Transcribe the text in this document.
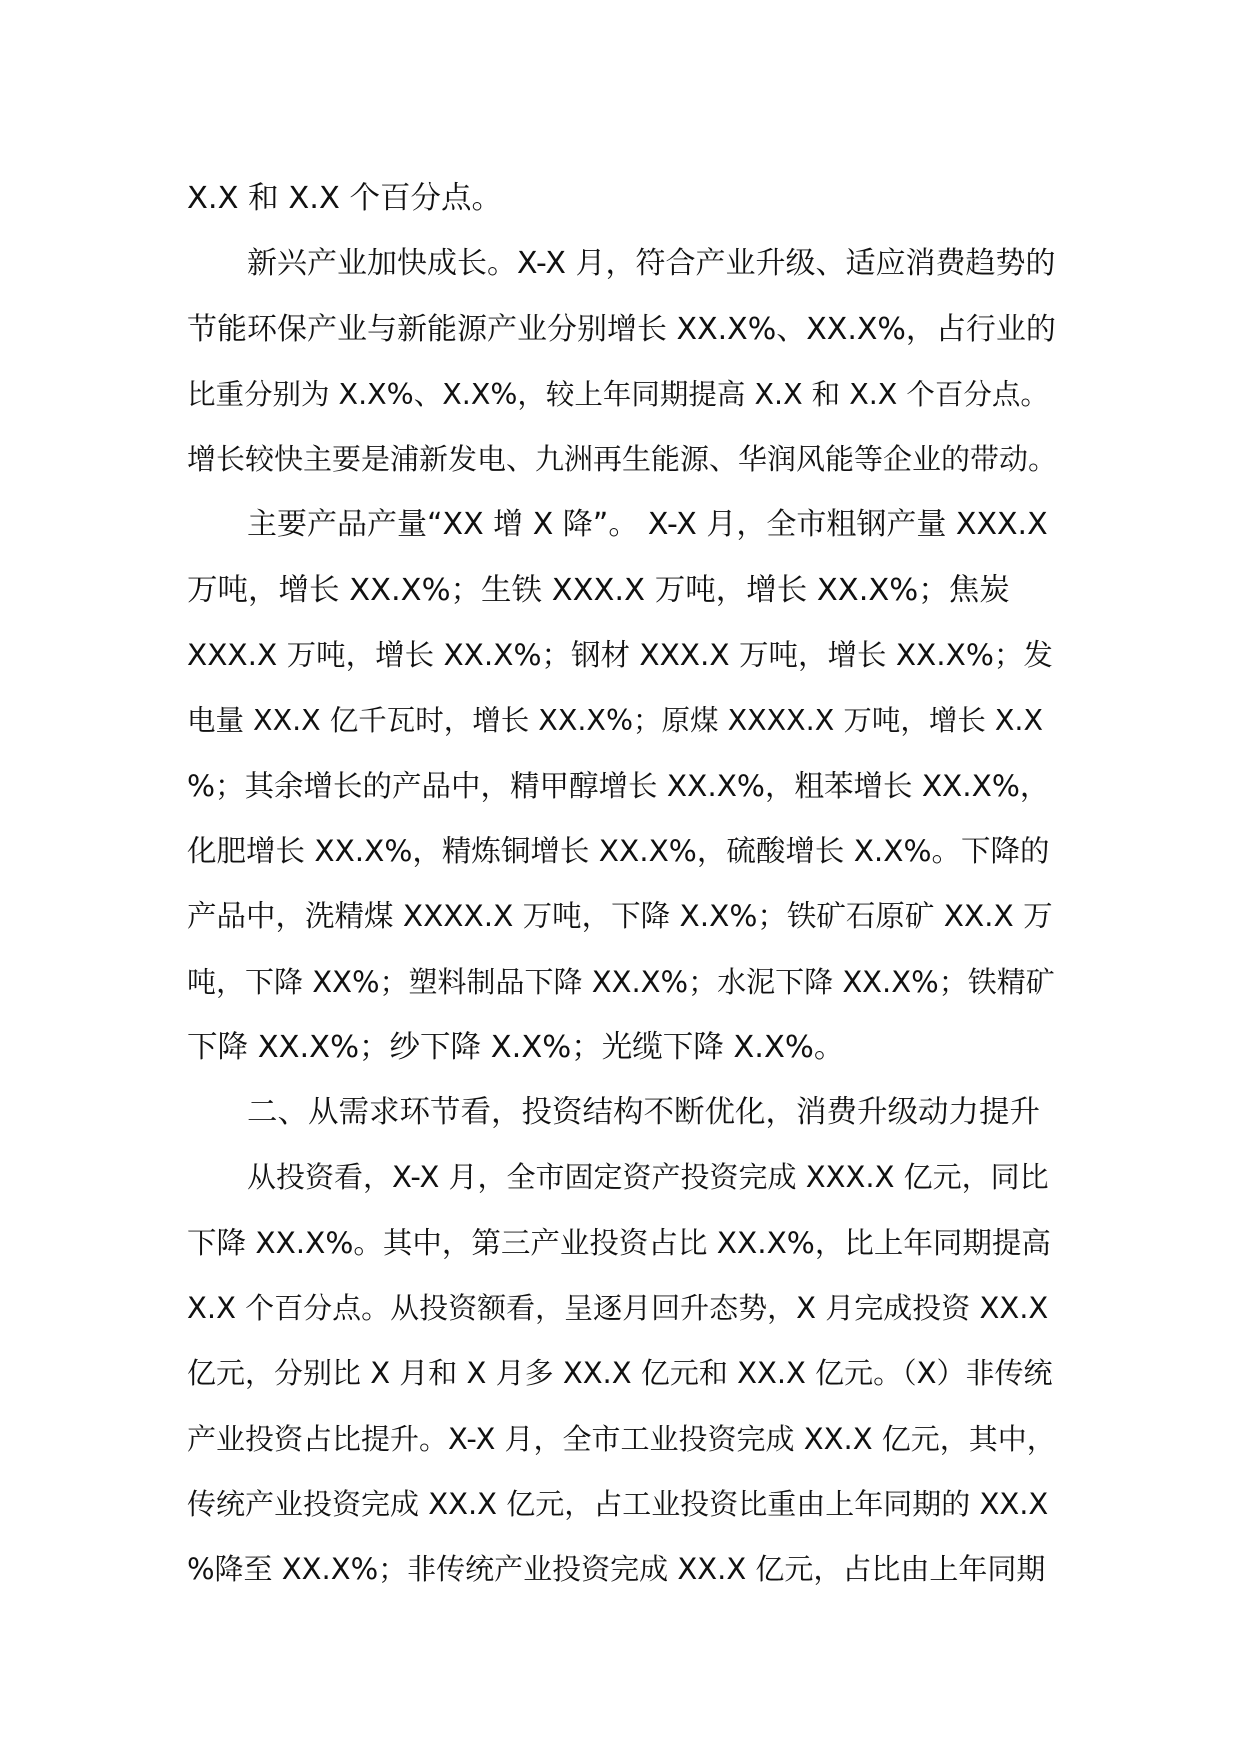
X.X 和 X.X 个百分点。
新兴产业加快成长。X-X 月，符合产业升级、适应消费趋势的
节能环保产业与新能源产业分别增长 XX.X%、XX.X%，占行业的
比重分别为 X.X%、X.X%，较上年同期提高 X.X 和 X.X 个百分点。
增长较快主要是浦新发电、九洲再生能源、华润风能等企业的带动。
主要产品产量“XX 增 X 降”。 X-X 月，全市粗钢产量 XXX.X
万吨，增长 XX.X%；生铁 XXX.X 万吨，增长 XX.X%；焦炭
XXX.X 万吨，增长 XX.X%；钢材 XXX.X 万吨，增长 XX.X%；发
电量 XX.X 亿千瓦时，增长 XX.X%；原煤 XXXX.X 万吨，增长 X.X
%；其余增长的产品中，精甲醇增长 XX.X%，粗苯增长 XX.X%，
化肥增长 XX.X%，精炼铜增长 XX.X%，硫酸增长 X.X%。下降的
产品中，洗精煤 XXXX.X 万吨，下降 X.X%；铁矿石原矿 XX.X 万
吨，下降 XX%；塑料制品下降 XX.X%；水泥下降 XX.X%；铁精矿
下降 XX.X%；纱下降 X.X%；光缆下降 X.X%。
二、从需求环节看，投资结构不断优化，消费升级动力提升
从投资看，X-X 月，全市固定资产投资完成 XXX.X 亿元，同比
下降 XX.X%。其中，第三产业投资占比 XX.X%，比上年同期提高
X.X 个百分点。从投资额看，呈逐月回升态势，X 月完成投资 XX.X
亿元，分别比 X 月和 X 月多 XX.X 亿元和 XX.X 亿元。（X）非传统
产业投资占比提升。X-X 月，全市工业投资完成 XX.X 亿元，其中，
传统产业投资完成 XX.X 亿元，占工业投资比重由上年同期的 XX.X
%降至 XX.X%；非传统产业投资完成 XX.X 亿元，占比由上年同期
